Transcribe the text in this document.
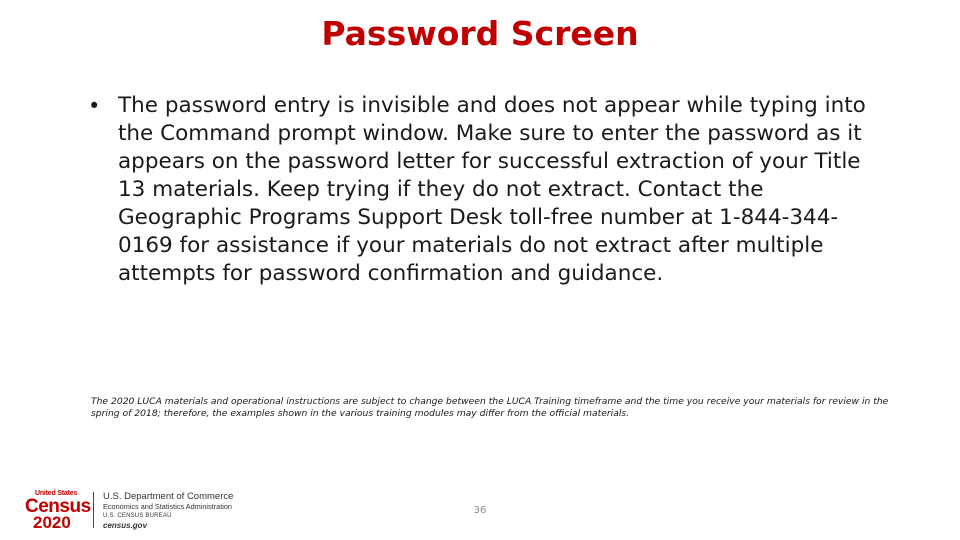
Password Screen
• The password entry is invisible and does not appear while typing into the Command prompt window. Make sure to enter the password as it appears on the password letter for successful extraction of your Title 13 materials. Keep trying if they do not extract. Contact the Geographic Programs Support Desk toll-free number at 1-844-344-0169 for assistance if your materials do not extract after multiple attempts for password confirmation and guidance.

The 2020 LUCA materials and operational instructions are subject to change between the LUCA Training timeframe and the time you receive your materials for review in the spring of 2018; therefore, the examples shown in the various training modules may differ from the official materials.

United States
Census
2020
U.S. Department of Commerce
Economics and Statistics Administration
U.S. CENSUS BUREAU
census.gov
36
